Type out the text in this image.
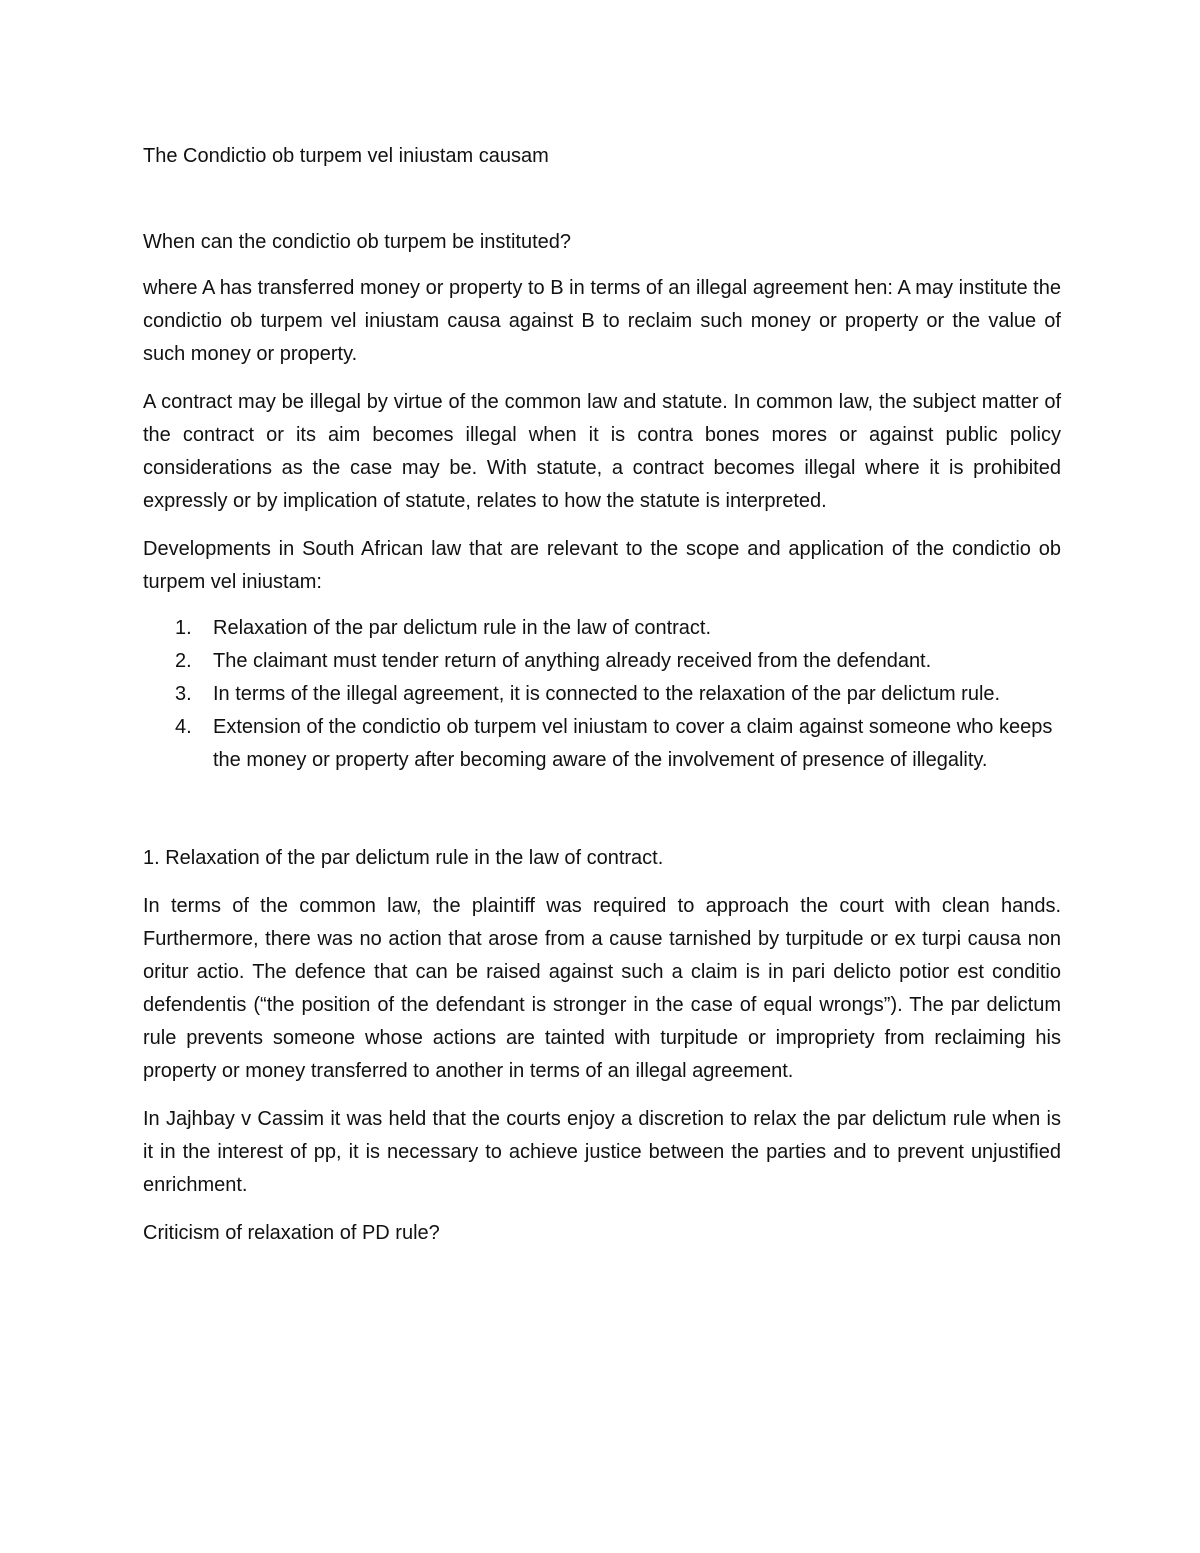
The Condictio ob turpem vel iniustam causam

When can the condictio ob turpem be instituted?

where A has transferred money or property to B in terms of an illegal agreement hen: A may institute the condictio ob turpem vel iniustam causa against B to reclaim such money or property or the value of such money or property.

A contract may be illegal by virtue of the common law and statute. In common law, the subject matter of the contract or its aim becomes illegal when it is contra bones mores or against public policy considerations as the case may be. With statute, a contract becomes illegal where it is prohibited expressly or by implication of statute, relates to how the statute is interpreted.

Developments in South African law that are relevant to the scope and application of the condictio ob turpem vel iniustam:

1. Relaxation of the par delictum rule in the law of contract.
2. The claimant must tender return of anything already received from the defendant.
3. In terms of the illegal agreement, it is connected to the relaxation of the par delictum rule.
4. Extension of the condictio ob turpem vel iniustam to cover a claim against someone who keeps the money or property after becoming aware of the involvement of presence of illegality.

1. Relaxation of the par delictum rule in the law of contract.

In terms of the common law, the plaintiff was required to approach the court with clean hands. Furthermore, there was no action that arose from a cause tarnished by turpitude or ex turpi causa non oritur actio. The defence that can be raised against such a claim is in pari delicto potior est conditio defendentis (“the position of the defendant is stronger in the case of equal wrongs”). The par delictum rule prevents someone whose actions are tainted with turpitude or impropriety from reclaiming his property or money transferred to another in terms of an illegal agreement.

In Jajhbay v Cassim it was held that the courts enjoy a discretion to relax the par delictum rule when is it in the interest of pp, it is necessary to achieve justice between the parties and to prevent unjustified enrichment.

Criticism of relaxation of PD rule?
